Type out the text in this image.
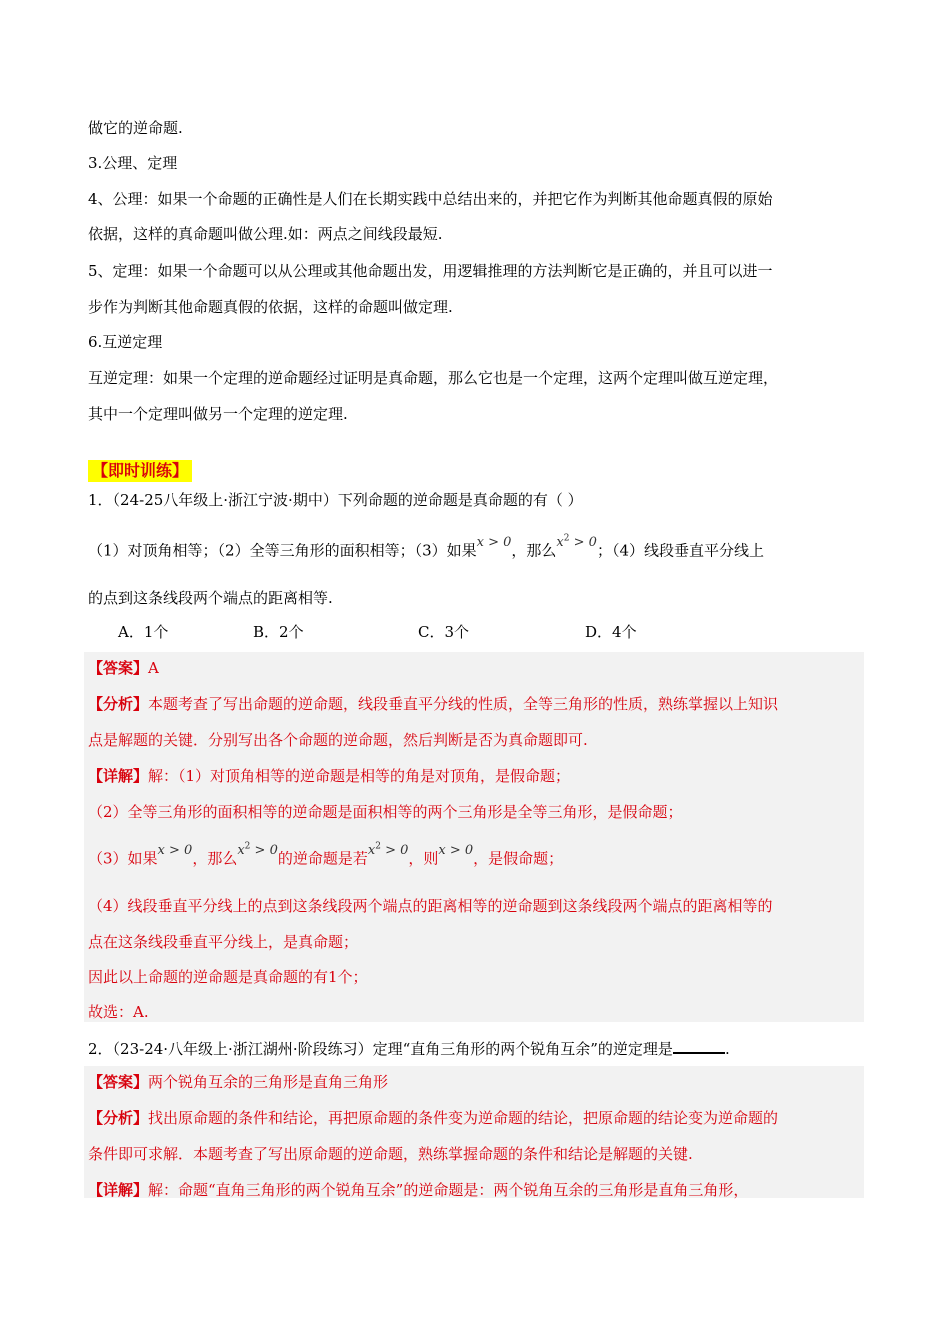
做它的逆命题.
3.公理、定理
4、公理：如果一个命题的正确性是人们在长期实践中总结出来的，并把它作为判断其他命题真假的原始
依据，这样的真命题叫做公理.如：两点之间线段最短.
5、定理：如果一个命题可以从公理或其他命题出发，用逻辑推理的方法判断它是正确的，并且可以进一
步作为判断其他命题真假的依据，这样的命题叫做定理.
6.互逆定理
互逆定理：如果一个定理的逆命题经过证明是真命题，那么它也是一个定理，这两个定理叫做互逆定理，
其中一个定理叫做另一个定理的逆定理.
【即时训练】
1．（24-25八年级上·浙江宁波·期中）下列命题的逆命题是真命题的有（ ）
（1）对顶角相等；（2）全等三角形的面积相等；（3）如果x > 0，那么$x^2 > 0$；（4）线段垂直平分线上
的点到这条线段两个端点的距离相等.
A．1个	B．2个	C．3个	D．4个
【答案】A
【分析】本题考查了写出命题的逆命题，线段垂直平分线的性质，全等三角形的性质，熟练掌握以上知识
点是解题的关键．分别写出各个命题的逆命题，然后判断是否为真命题即可.
【详解】解：（1）对顶角相等的逆命题是相等的角是对顶角，是假命题；
（2）全等三角形的面积相等的逆命题是面积相等的两个三角形是全等三角形，是假命题；
（3）如果x > 0，那么$x^2 > 0$的逆命题是若$x^2 > 0$，则x > 0，是假命题；
（4）线段垂直平分线上的点到这条线段两个端点的距离相等的逆命题到这条线段两个端点的距离相等的
点在这条线段垂直平分线上，是真命题；
因此以上命题的逆命题是真命题的有1个；
故选：A.
2．（23-24·八年级上·浙江湖州·阶段练习）定理“直角三角形的两个锐角互余”的逆定理是	.
【答案】两个锐角互余的三角形是直角三角形
【分析】找出原命题的条件和结论，再把原命题的条件变为逆命题的结论，把原命题的结论变为逆命题的
条件即可求解．本题考查了写出原命题的逆命题，熟练掌握命题的条件和结论是解题的关键.
【详解】解：命题“直角三角形的两个锐角互余”的逆命题是：两个锐角互余的三角形是直角三角形，
